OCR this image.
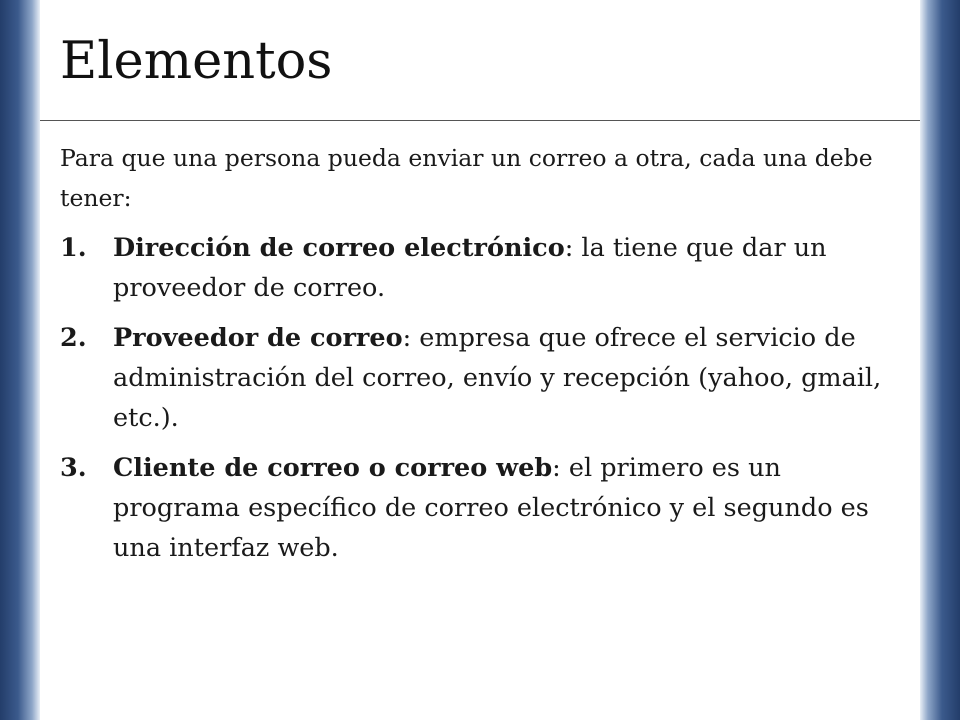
Elementos

Para que una persona pueda enviar un correo a otra, cada una debe tener:

1. Dirección de correo electrónico: la tiene que dar un proveedor de correo.
2. Proveedor de correo: empresa que ofrece el servicio de administración del correo, envío y recepción (yahoo, gmail, etc.).
3. Cliente de correo o correo web: el primero es un programa específico de correo electrónico y el segundo es una interfaz web.
